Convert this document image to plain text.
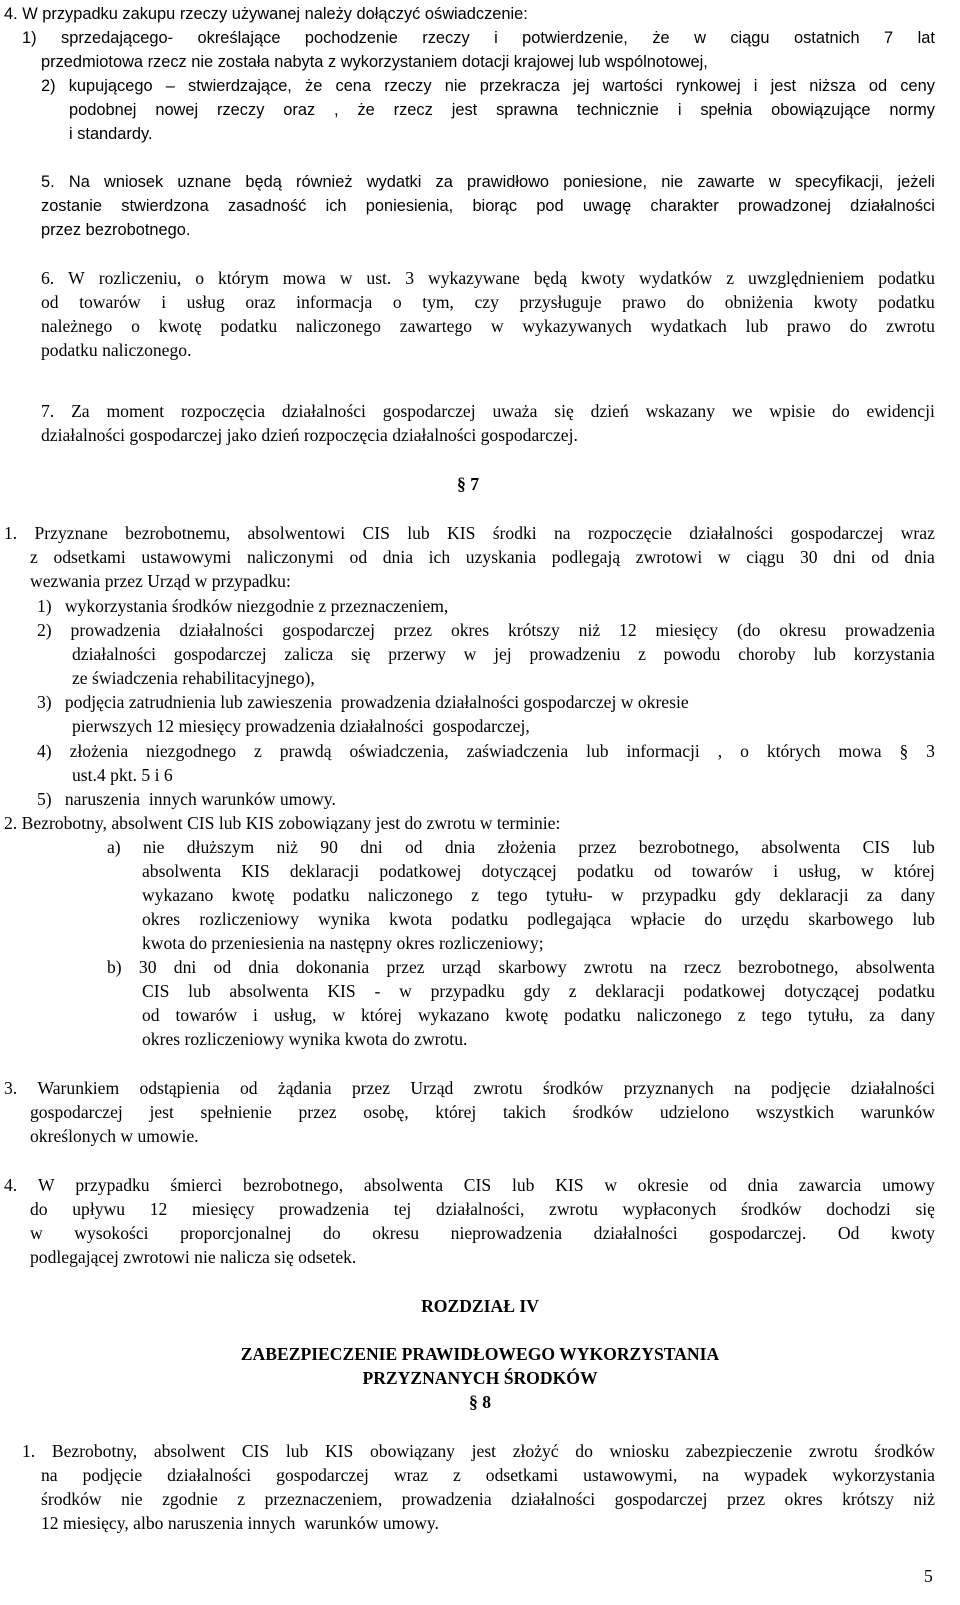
4. W przypadku zakupu rzeczy używanej należy dołączyć oświadczenie:
1) sprzedającego- określające pochodzenie rzeczy i potwierdzenie, że w ciągu ostatnich 7 lat
przedmiotowa rzecz nie została nabyta z wykorzystaniem dotacji krajowej lub wspólnotowej,
2) kupującego – stwierdzające, że cena rzeczy nie przekracza jej wartości rynkowej i jest niższa od ceny
podobnej nowej rzeczy oraz , że rzecz jest sprawna technicznie i spełnia obowiązujące normy
i standardy.
5. Na wniosek uznane będą również wydatki za prawidłowo poniesione, nie zawarte w specyfikacji, jeżeli
zostanie stwierdzona zasadność ich poniesienia, biorąc pod uwagę charakter prowadzonej działalności
przez bezrobotnego.
6. W rozliczeniu, o którym mowa w ust. 3 wykazywane będą kwoty wydatków z uwzględnieniem podatku
od towarów i usług oraz informacja o tym, czy przysługuje prawo do obniżenia kwoty podatku
należnego o kwotę podatku naliczonego zawartego w wykazywanych wydatkach lub prawo do zwrotu
podatku naliczonego.
7. Za moment rozpoczęcia działalności gospodarczej uważa się dzień wskazany we wpisie do ewidencji
działalności gospodarczej jako dzień rozpoczęcia działalności gospodarczej.
§ 7
1. Przyznane bezrobotnemu, absolwentowi CIS lub KIS środki na rozpoczęcie działalności gospodarczej wraz
z odsetkami ustawowymi naliczonymi od dnia ich uzyskania podlegają zwrotowi w ciągu 30 dni od dnia
wezwania przez Urząd w przypadku:
1)   wykorzystania środków niezgodnie z przeznaczeniem,
2) prowadzenia działalności gospodarczej przez okres krótszy niż 12 miesięcy (do okresu prowadzenia
działalności gospodarczej zalicza się przerwy w jej prowadzeniu z powodu choroby lub korzystania
ze świadczenia rehabilitacyjnego),
3)   podjęcia zatrudnienia lub zawieszenia  prowadzenia działalności gospodarczej w okresie
pierwszych 12 miesięcy prowadzenia działalności  gospodarczej,
4) złożenia niezgodnego z prawdą oświadczenia, zaświadczenia lub informacji , o których mowa § 3
ust.4 pkt. 5 i 6
5)   naruszenia  innych warunków umowy.
2. Bezrobotny, absolwent CIS lub KIS zobowiązany jest do zwrotu w terminie:
a) nie dłuższym niż 90 dni od dnia złożenia przez bezrobotnego, absolwenta CIS lub
absolwenta KIS deklaracji podatkowej dotyczącej podatku od towarów i usług, w której
wykazano kwotę podatku naliczonego z tego tytułu- w przypadku gdy deklaracji za dany
okres rozliczeniowy wynika kwota podatku podlegająca wpłacie do urzędu skarbowego lub
kwota do przeniesienia na następny okres rozliczeniowy;
b) 30 dni od dnia dokonania przez urząd skarbowy zwrotu na rzecz bezrobotnego, absolwenta
CIS lub absolwenta KIS - w przypadku gdy z deklaracji podatkowej dotyczącej podatku
od towarów i usług, w której wykazano kwotę podatku naliczonego z tego tytułu, za dany
okres rozliczeniowy wynika kwota do zwrotu.
3. Warunkiem odstąpienia od żądania przez Urząd zwrotu środków przyznanych na podjęcie działalności
gospodarczej jest spełnienie przez osobę, której takich środków udzielono wszystkich warunków
określonych w umowie.
4. W przypadku śmierci bezrobotnego, absolwenta CIS lub KIS w okresie od dnia zawarcia umowy
do upływu 12 miesięcy prowadzenia tej działalności, zwrotu wypłaconych środków dochodzi się
w wysokości proporcjonalnej do okresu nieprowadzenia działalności gospodarczej. Od kwoty
podlegającej zwrotowi nie nalicza się odsetek.
ROZDZIAŁ IV
ZABEZPIECZENIE PRAWIDŁOWEGO WYKORZYSTANIA
PRZYZNANYCH ŚRODKÓW
§ 8
1. Bezrobotny, absolwent CIS lub KIS obowiązany jest złożyć do wniosku zabezpieczenie zwrotu środków
na podjęcie działalności gospodarczej wraz z odsetkami ustawowymi, na wypadek wykorzystania
środków nie zgodnie z przeznaczeniem, prowadzenia działalności gospodarczej przez okres krótszy niż
12 miesięcy, albo naruszenia innych  warunków umowy.
5
